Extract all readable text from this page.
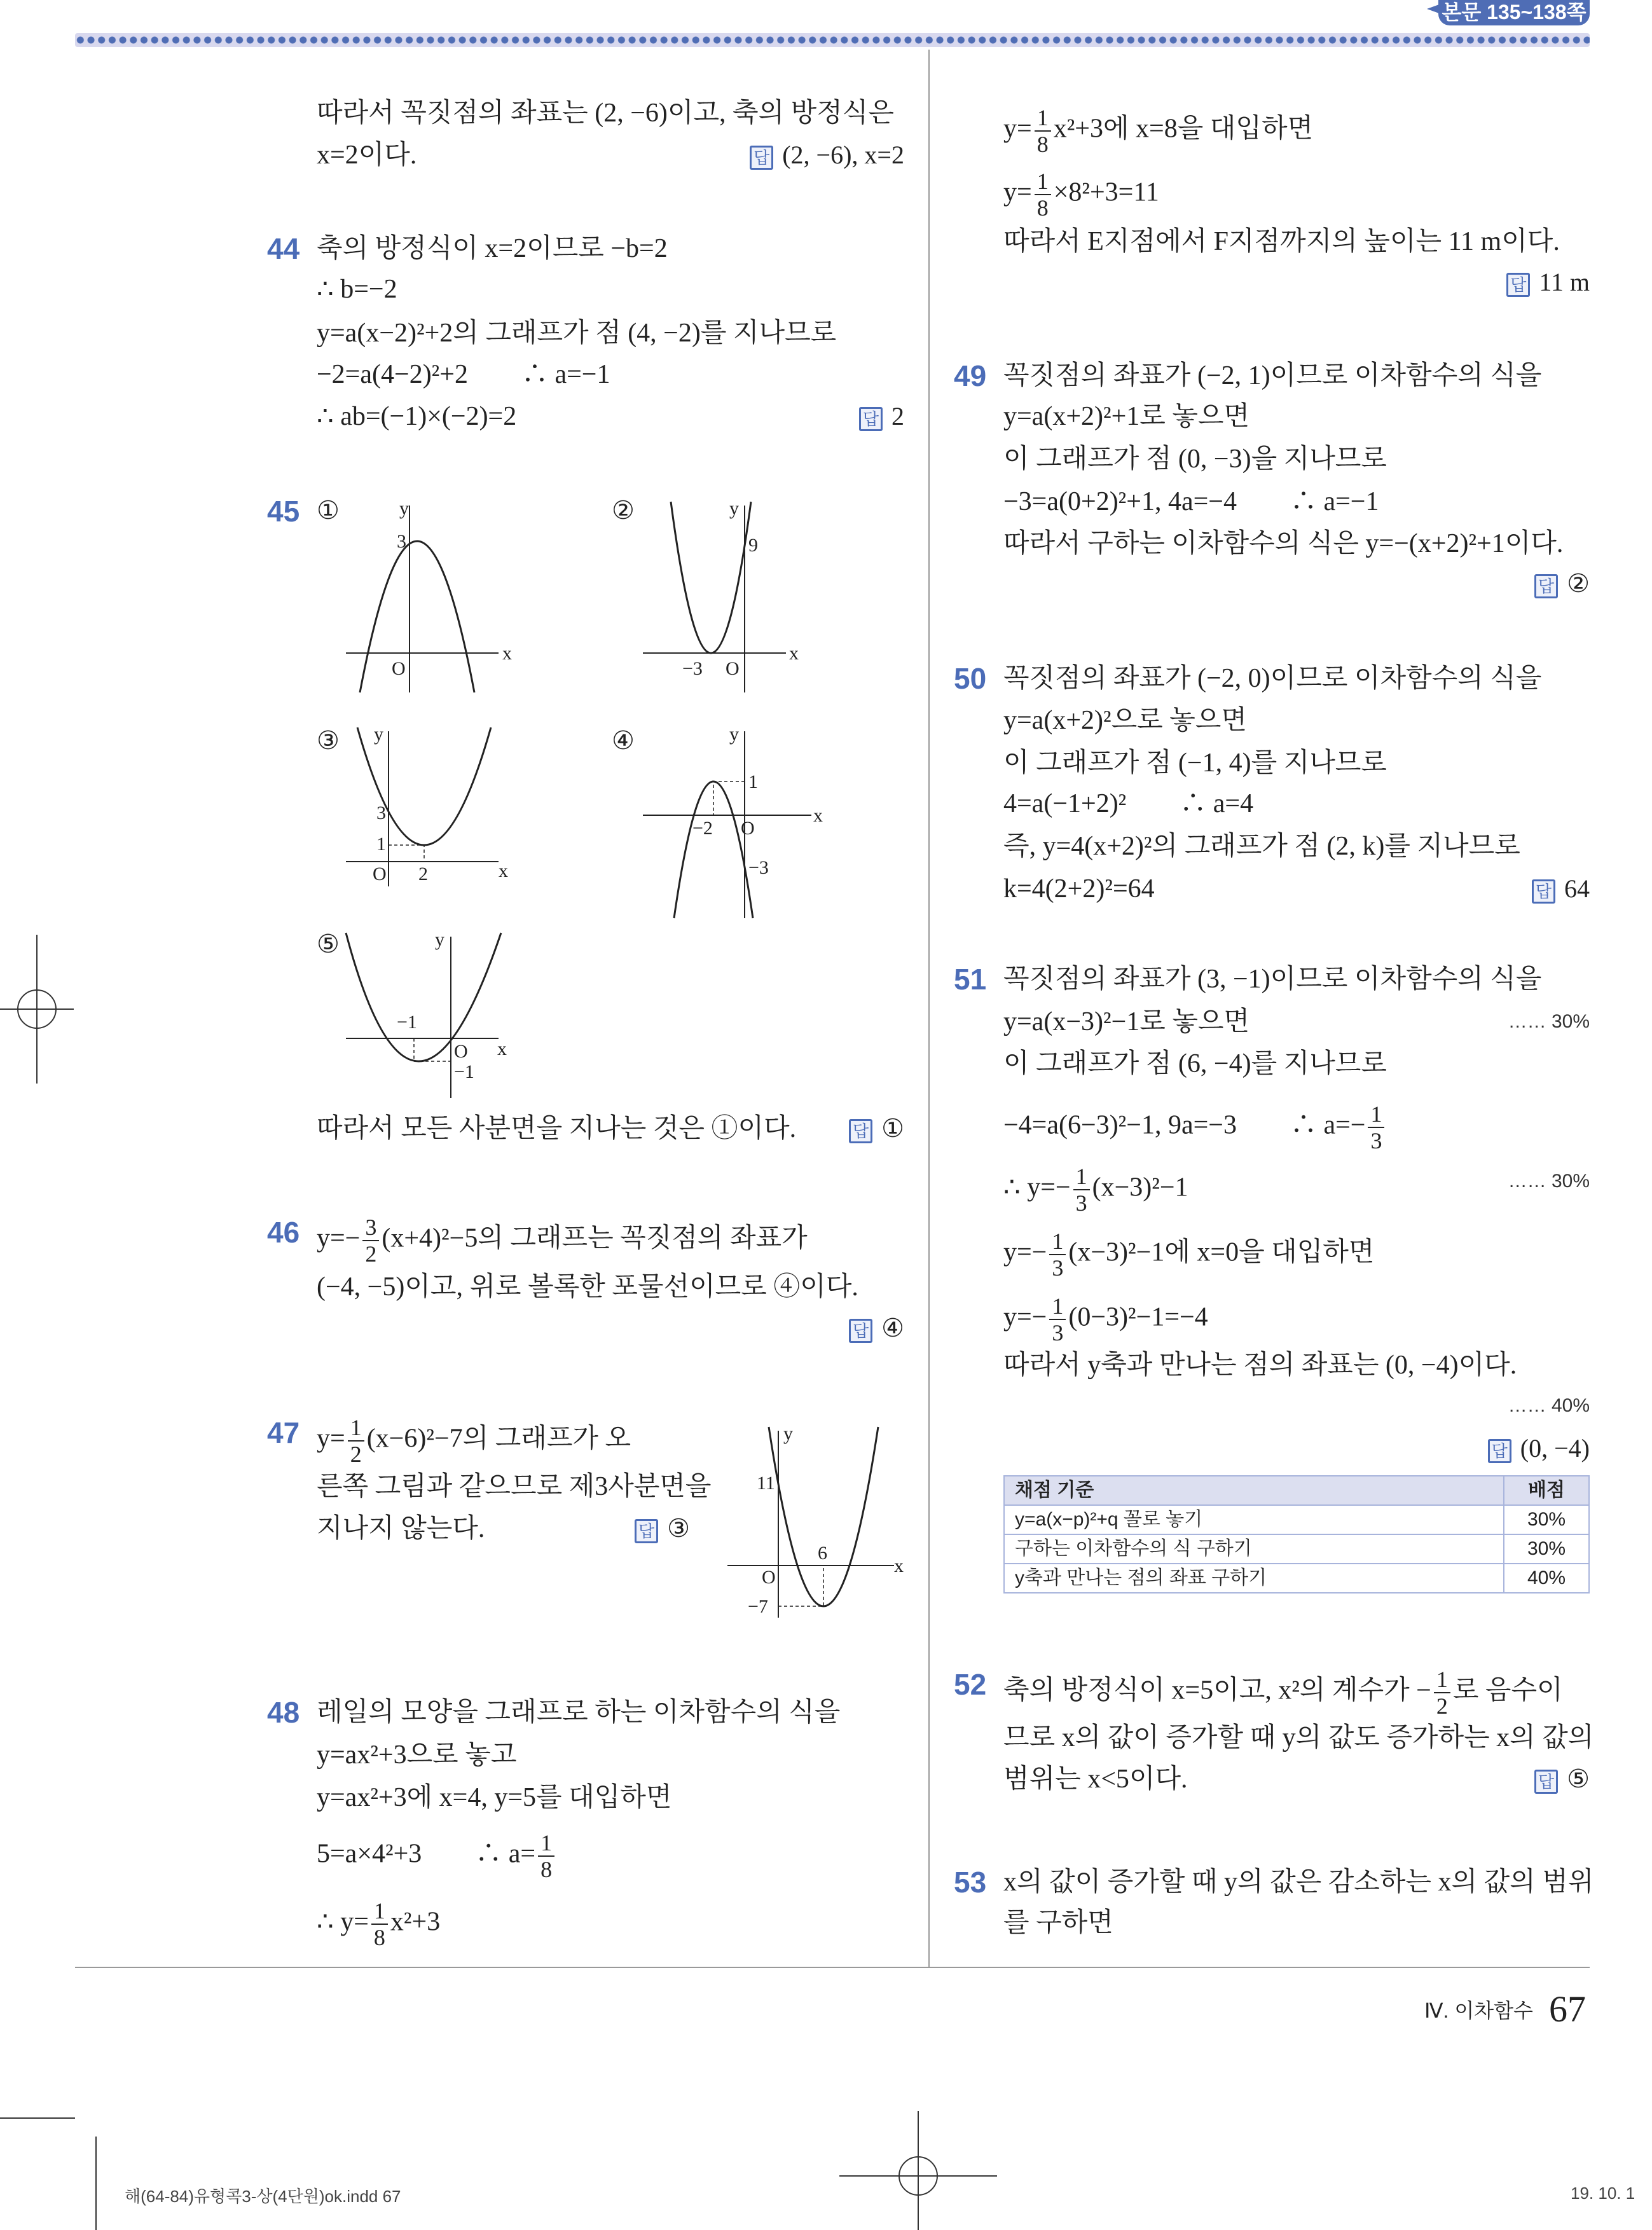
본문 135~138쪽
따라서 꼭짓점의 좌표는 (2, −6)이고, 축의 방정식은
x=2이다.	답 (2, −6), x=2
44 축의 방정식이 x=2이므로 −b=2
∴ b=−2
y=a(x−2)²+2의 그래프가 점 (4, −2)를 지나므로
−2=a(4−2)²+2　　∴ a=−1
∴ ab=(−1)×(−2)=2	답 2
45 ①	②
③	④
⑤
x
y
O
3
x
y
O
9
−3
x
y
O
3
1
2
x
y
O
1
−2
−3
x
y
O
−1
−1
따라서 모든 사분면을 지나는 것은 ①이다.	답 ①
46 $y=- \frac{3}{2} (x+4)^2-5$의 그래프는 꼭짓점의 좌표가
(−4, −5)이고, 위로 볼록한 포물선이므로 ④이다.
답 ④
47 $y= \frac{1}{2} (x-6)^2-7$의 그래프가 오
른쪽 그림과 같으므로 제3사분면을
지나지 않는다.	답 ③
x
y
O
11
6
−7
48 레일의 모양을 그래프로 하는 이차함수의 식을
y=ax²+3으로 놓고
y=ax²+3에 x=4, y=5를 대입하면
5=a×4²+3　　∴ $a= \frac{1}{8}$
∴ $y= \frac{1}{8} x^2+3$
$y= \frac{1}{8} x^2+3$에 x=8을 대입하면
$y= \frac{1}{8} \times 8^2+3=11$
따라서 E지점에서 F지점까지의 높이는 11 m이다.
답 11 m
49 꼭짓점의 좌표가 (−2, 1)이므로 이차함수의 식을
y=a(x+2)²+1로 놓으면
이 그래프가 점 (0, −3)을 지나므로
−3=a(0+2)²+1, 4a=−4　　∴ a=−1
따라서 구하는 이차함수의 식은 y=−(x+2)²+1이다.
답 ②
50 꼭짓점의 좌표가 (−2, 0)이므로 이차함수의 식을
y=a(x+2)²으로 놓으면
이 그래프가 점 (−1, 4)를 지나므로
4=a(−1+2)²　　∴ a=4
즉, y=4(x+2)²의 그래프가 점 (2, k)를 지나므로
k=4(2+2)²=64	답 64
51 꼭짓점의 좌표가 (3, −1)이므로 이차함수의 식을
y=a(x−3)²−1로 놓으면	…… 30%
이 그래프가 점 (6, −4)를 지나므로
−4=a(6−3)²−1, 9a=−3　　∴ $a=- \frac{1}{3}$
∴ $y=- \frac{1}{3} (x-3)^2-1$	…… 30%
$y=- \frac{1}{3} (x-3)^2-1$에 x=0을 대입하면
$y=- \frac{1}{3} (0-3)^2-1=-4$
따라서 y축과 만나는 점의 좌표는 (0, −4)이다.
…… 40%
답 (0, −4)
채점 기준	배점
y=a(x−p)²+q 꼴로 놓기	30%
구하는 이차함수의 식 구하기	30%
y축과 만나는 점의 좌표 구하기	40%
52 축의 방정식이 x=5이고, x²의 계수가 − $\frac{1}{2}$ 로 음수이
므로 x의 값이 증가할 때 y의 값도 증가하는 x의 값의
범위는 x<5이다.	답 ⑤
53 x의 값이 증가할 때 y의 값은 감소하는 x의 값의 범위
를 구하면
Ⅳ. 이차함수 67
해(64-84)유형콕3-상(4단원)ok.indd 67	19. 10. 1
